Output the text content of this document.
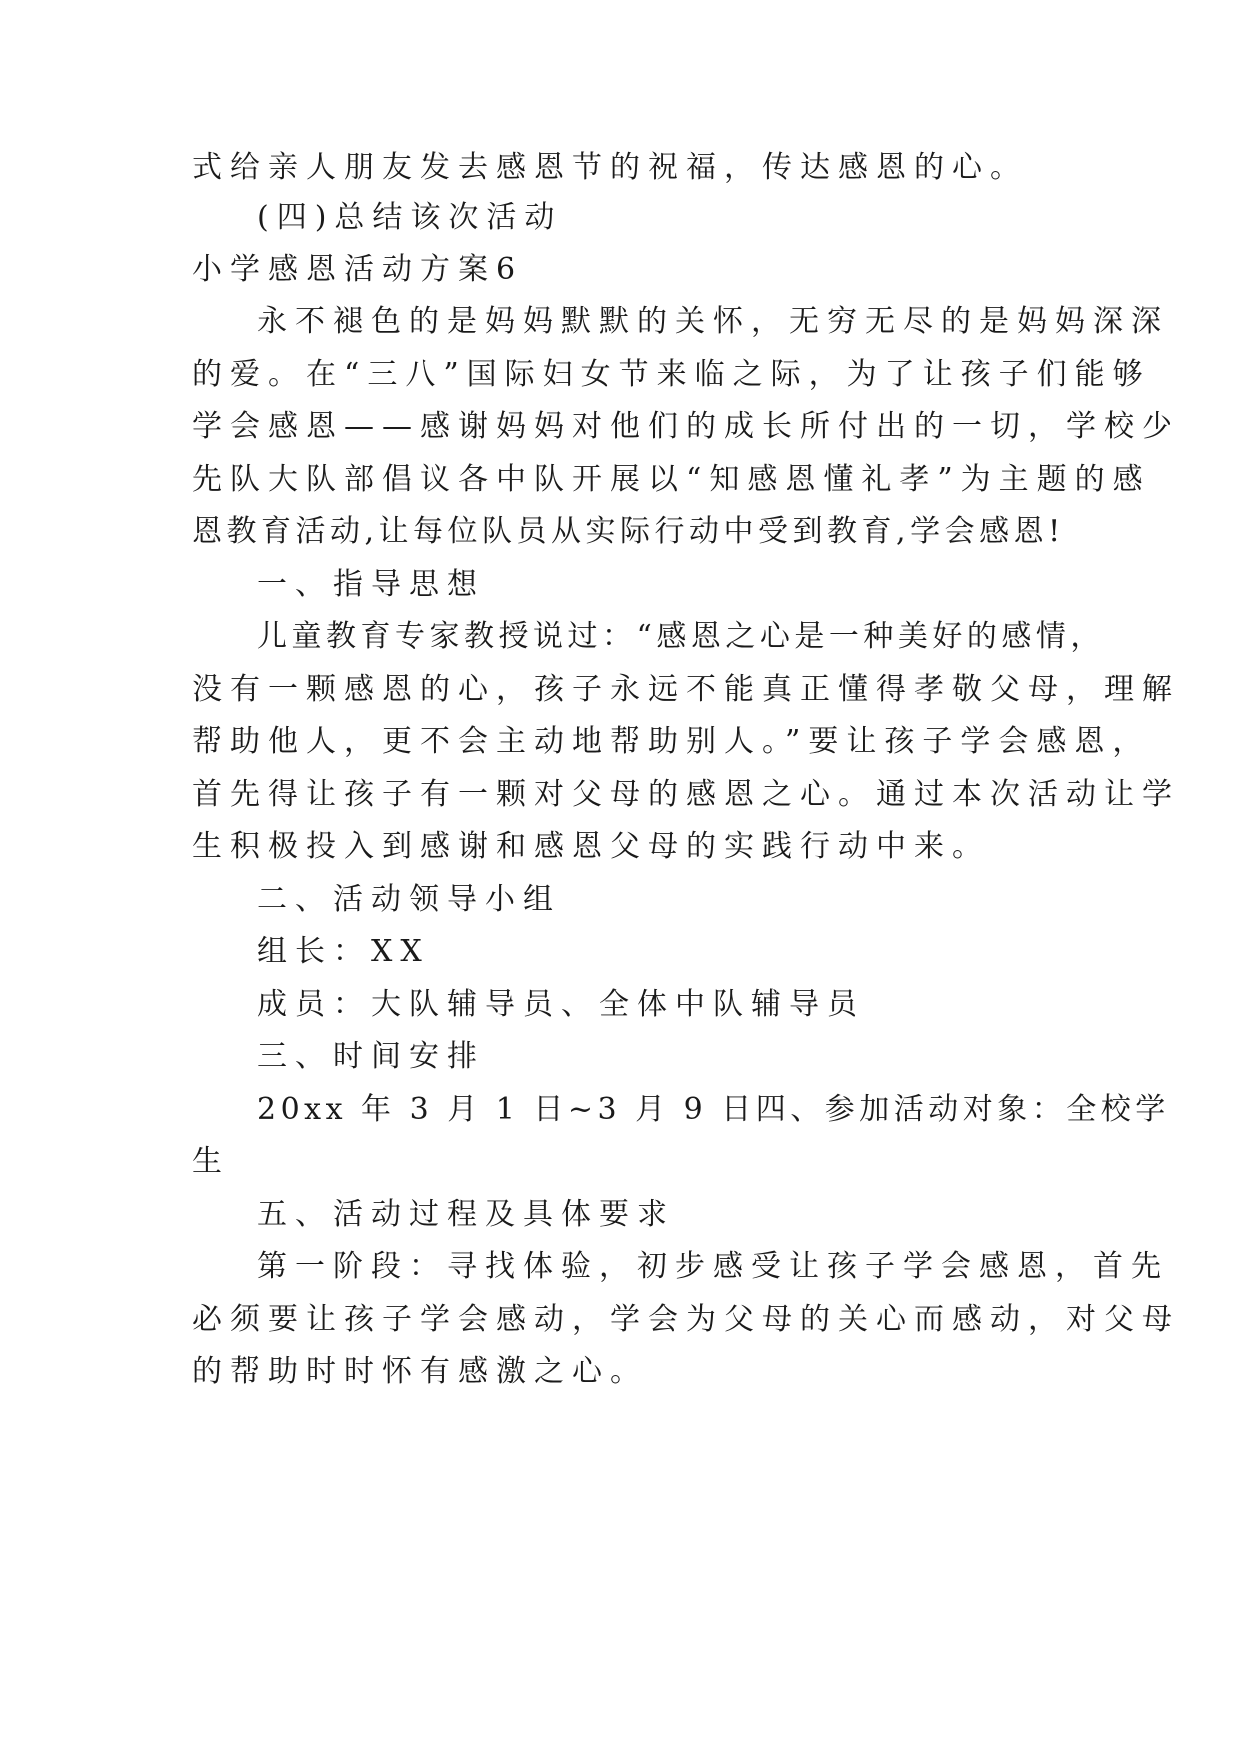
式给亲人朋友发去感恩节的祝福，传达感恩的心。

(四)总结该次活动

小学感恩活动方案6

永不褪色的是妈妈默默的关怀，无穷无尽的是妈妈深深

的爱。在“三八”国际妇女节来临之际，为了让孩子们能够

学会感恩——感谢妈妈对他们的成长所付出的一切，学校少

先队大队部倡议各中队开展以“知感恩懂礼孝”为主题的感

恩教育活动,让每位队员从实际行动中受到教育,学会感恩!

一、指导思想

儿童教育专家教授说过：“感恩之心是一种美好的感情，

没有一颗感恩的心，孩子永远不能真正懂得孝敬父母，理解

帮助他人，更不会主动地帮助别人。”要让孩子学会感恩，

首先得让孩子有一颗对父母的感恩之心。通过本次活动让学

生积极投入到感谢和感恩父母的实践行动中来。

二、活动领导小组

组长：XX

成员：大队辅导员、全体中队辅导员

三、时间安排

20xx 年 3 月 1 日~3 月 9 日四、参加活动对象：全校学

生

五、活动过程及具体要求

第一阶段：寻找体验，初步感受让孩子学会感恩，首先

必须要让孩子学会感动，学会为父母的关心而感动，对父母

的帮助时时怀有感激之心。
